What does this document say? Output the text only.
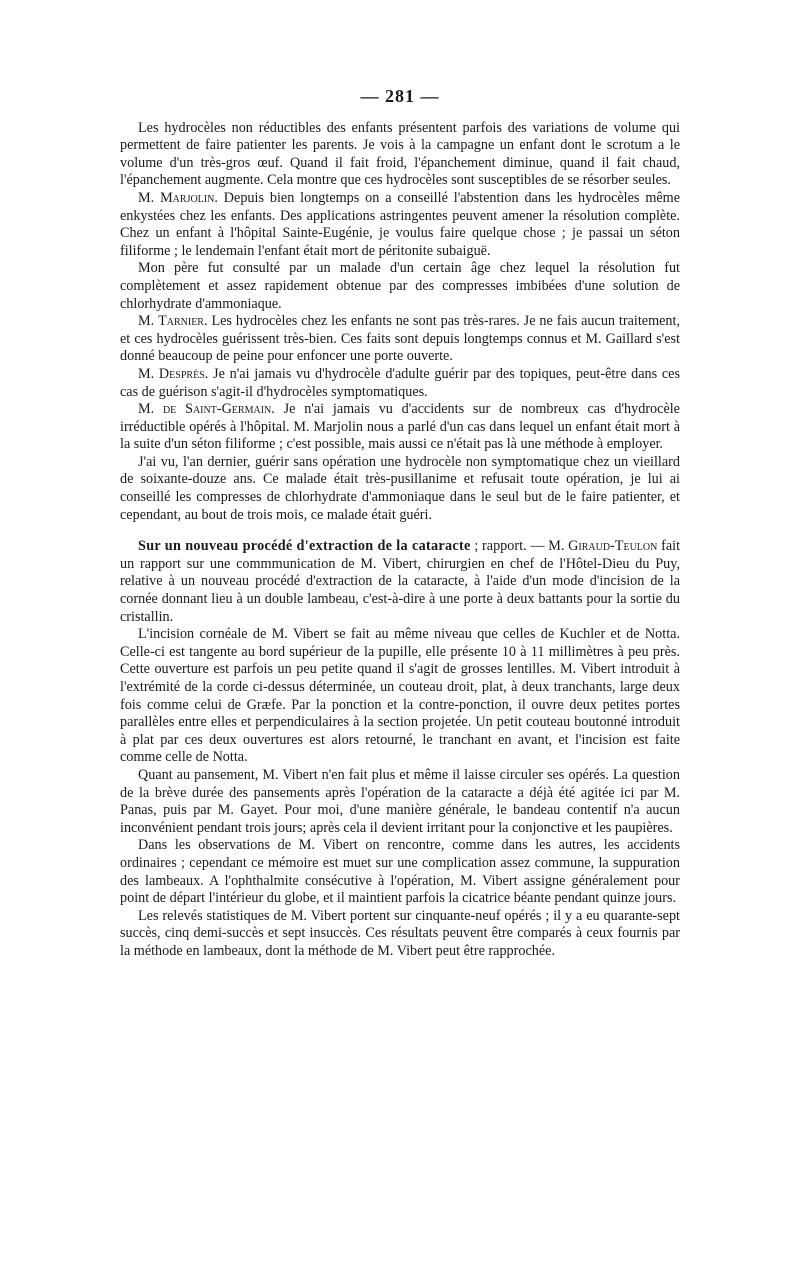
— 281 —

Les hydrocèles non réductibles des enfants présentent parfois des variations de volume qui permettent de faire patienter les parents. Je vois à la campagne un enfant dont le scrotum a le volume d'un très-gros œuf. Quand il fait froid, l'épanchement diminue, quand il fait chaud, l'épanchement augmente. Cela montre que ces hydrocèles sont susceptibles de se résorber seules.

M. Marjolin. Depuis bien longtemps on a conseillé l'abstention dans les hydrocèles même enkystées chez les enfants. Des applications astringentes peuvent amener la résolution complète. Chez un enfant à l'hôpital Sainte-Eugénie, je voulus faire quelque chose ; je passai un séton filiforme ; le lendemain l'enfant était mort de péritonite subaiguë.

Mon père fut consulté par un malade d'un certain âge chez lequel la résolution fut complètement et assez rapidement obtenue par des compresses imbibées d'une solution de chlorhydrate d'ammoniaque.

M. Tarnier. Les hydrocèles chez les enfants ne sont pas très-rares. Je ne fais aucun traitement, et ces hydrocèles guérissent très-bien. Ces faits sont depuis longtemps connus et M. Gaillard s'est donné beaucoup de peine pour enfoncer une porte ouverte.

M. Desprès. Je n'ai jamais vu d'hydrocèle d'adulte guérir par des topiques, peut-être dans ces cas de guérison s'agit-il d'hydrocèles symptomatiques.

M. de Saint-Germain. Je n'ai jamais vu d'accidents sur de nombreux cas d'hydrocèle irréductible opérés à l'hôpital. M. Marjolin nous a parlé d'un cas dans lequel un enfant était mort à la suite d'un séton filiforme ; c'est possible, mais aussi ce n'était pas là une méthode à employer.

J'ai vu, l'an dernier, guérir sans opération une hydrocèle non symptomatique chez un vieillard de soixante-douze ans. Ce malade était très-pusillanime et refusait toute opération, je lui ai conseillé les compresses de chlorhydrate d'ammoniaque dans le seul but de le faire patienter, et cependant, au bout de trois mois, ce malade était guéri.

Sur un nouveau procédé d'extraction de la cataracte ; rapport. — M. Giraud-Teulon fait un rapport sur une commmunication de M. Vibert, chirurgien en chef de l'Hôtel-Dieu du Puy, relative à un nouveau procédé d'extraction de la cataracte, à l'aide d'un mode d'incision de la cornée donnant lieu à un double lambeau, c'est-à-dire à une porte à deux battants pour la sortie du cristallin.

L'incision cornéale de M. Vibert se fait au même niveau que celles de Kuchler et de Notta. Celle-ci est tangente au bord supérieur de la pupille, elle présente 10 à 11 millimètres à peu près. Cette ouverture est parfois un peu petite quand il s'agit de grosses lentilles. M. Vibert introduit à l'extrémité de la corde ci-dessus déterminée, un couteau droit, plat, à deux tranchants, large deux fois comme celui de Græfe. Par la ponction et la contre-ponction, il ouvre deux petites portes parallèles entre elles et perpendiculaires à la section projetée. Un petit couteau boutonné introduit à plat par ces deux ouvertures est alors retourné, le tranchant en avant, et l'incision est faite comme celle de Notta.

Quant au pansement, M. Vibert n'en fait plus et même il laisse circuler ses opérés. La question de la brève durée des pansements après l'opération de la cataracte a déjà été agitée ici par M. Panas, puis par M. Gayet. Pour moi, d'une manière générale, le bandeau contentif n'a aucun inconvénient pendant trois jours; après cela il devient irritant pour la conjonctive et les paupières.

Dans les observations de M. Vibert on rencontre, comme dans les autres, les accidents ordinaires ; cependant ce mémoire est muet sur une complication assez commune, la suppuration des lambeaux. A l'ophthalmite consécutive à l'opération, M. Vibert assigne généralement pour point de départ l'intérieur du globe, et il maintient parfois la cicatrice béante pendant quinze jours.

Les relevés statistiques de M. Vibert portent sur cinquante-neuf opérés ; il y a eu quarante-sept succès, cinq demi-succès et sept insuccès. Ces résultats peuvent être comparés à ceux fournis par la méthode en lambeaux, dont la méthode de M. Vibert peut être rapprochée.
